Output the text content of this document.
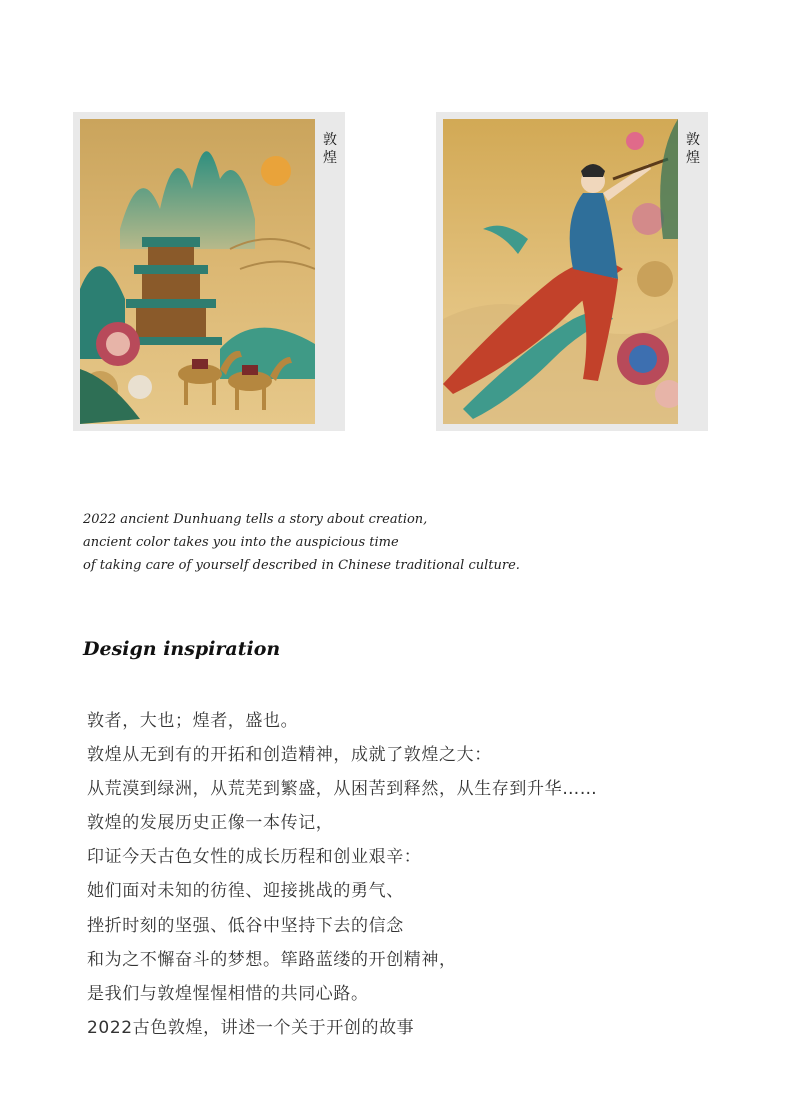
敦煌
敦煌

2022 ancient Dunhuang tells a story about creation,

ancient color takes you into the auspicious time

of taking care of yourself described in Chinese traditional culture.

Design inspiration

敦者，大也；煌者，盛也。

敦煌从无到有的开拓和创造精神，成就了敦煌之大：

从荒漠到绿洲，从荒芜到繁盛，从困苦到释然，从生存到升华……

敦煌的发展历史正像一本传记，

印证今天古色女性的成长历程和创业艰辛：

她们面对未知的彷徨、迎接挑战的勇气、

挫折时刻的坚强、低谷中坚持下去的信念

和为之不懈奋斗的梦想。筚路蓝缕的开创精神，

是我们与敦煌惺惺相惜的共同心路。

2022古色敦煌，讲述一个关于开创的故事
